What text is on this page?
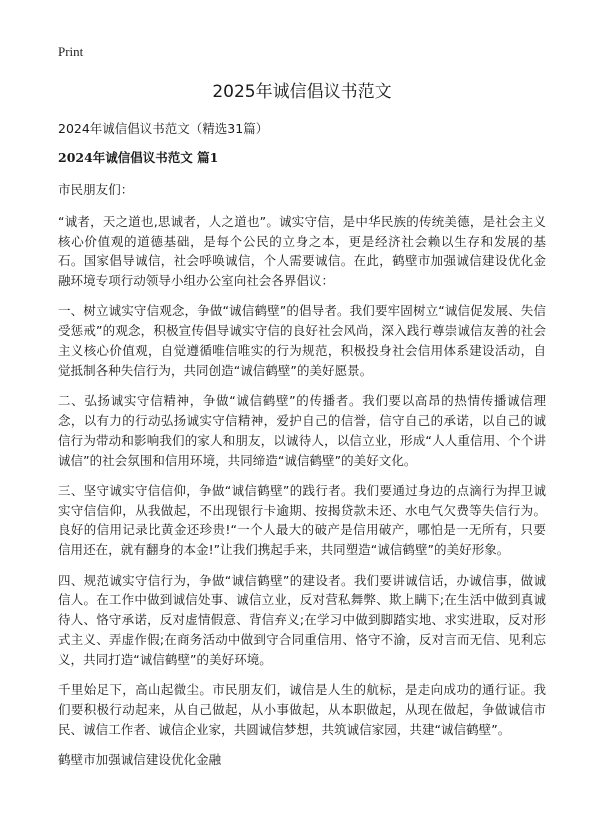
Print
2025年诚信倡议书范文

2024年诚信倡议书范文（精选31篇）

2024年诚信倡议书范文 篇1

市民朋友们：

“诚者，天之道也,思诚者，人之道也”。诚实守信，是中华民族的传统美德，是社会主义核心价值观的道德基础，是每个公民的立身之本，更是经济社会赖以生存和发展的基石。国家倡导诚信，社会呼唤诚信，个人需要诚信。在此，鹤壁市加强诚信建设优化金融环境专项行动领导小组办公室向社会各界倡议：

一、树立诚实守信观念，争做“诚信鹤壁”的倡导者。我们要牢固树立“诚信促发展、失信受惩戒”的观念，积极宣传倡导诚实守信的良好社会风尚，深入践行尊崇诚信友善的社会主义核心价值观，自觉遵循唯信唯实的行为规范，积极投身社会信用体系建设活动，自觉抵制各种失信行为，共同创造“诚信鹤壁”的美好愿景。

二、弘扬诚实守信精神，争做“诚信鹤壁”的传播者。我们要以高昂的热情传播诚信理念，以有力的行动弘扬诚实守信精神，爱护自己的信誉，信守自己的承诺，以自己的诚信行为带动和影响我们的家人和朋友，以诚待人，以信立业，形成“人人重信用、个个讲诚信”的社会氛围和信用环境，共同缔造“诚信鹤壁”的美好文化。

三、坚守诚实守信信仰，争做“诚信鹤壁”的践行者。我们要通过身边的点滴行为捍卫诚实守信信仰，从我做起，不出现银行卡逾期、按揭贷款未还、水电气欠费等失信行为。良好的信用记录比黄金还珍贵!“一个人最大的破产是信用破产，哪怕是一无所有，只要信用还在，就有翻身的本金!”让我们携起手来，共同塑造“诚信鹤壁”的美好形象。

四、规范诚实守信行为，争做“诚信鹤壁”的建设者。我们要讲诚信话，办诚信事，做诚信人。在工作中做到诚信处事、诚信立业，反对营私舞弊、欺上瞒下;在生活中做到真诚待人、恪守承诺，反对虚情假意、背信弃义;在学习中做到脚踏实地、求实进取，反对形式主义、弄虚作假;在商务活动中做到守合同重信用、恪守不渝，反对言而无信、见利忘义，共同打造“诚信鹤壁”的美好环境。

千里始足下，高山起微尘。市民朋友们，诚信是人生的航标，是走向成功的通行证。我们要积极行动起来，从自己做起，从小事做起，从本职做起，从现在做起，争做诚信市民、诚信工作者、诚信企业家，共圆诚信梦想，共筑诚信家园，共建“诚信鹤壁”。

鹤壁市加强诚信建设优化金融
